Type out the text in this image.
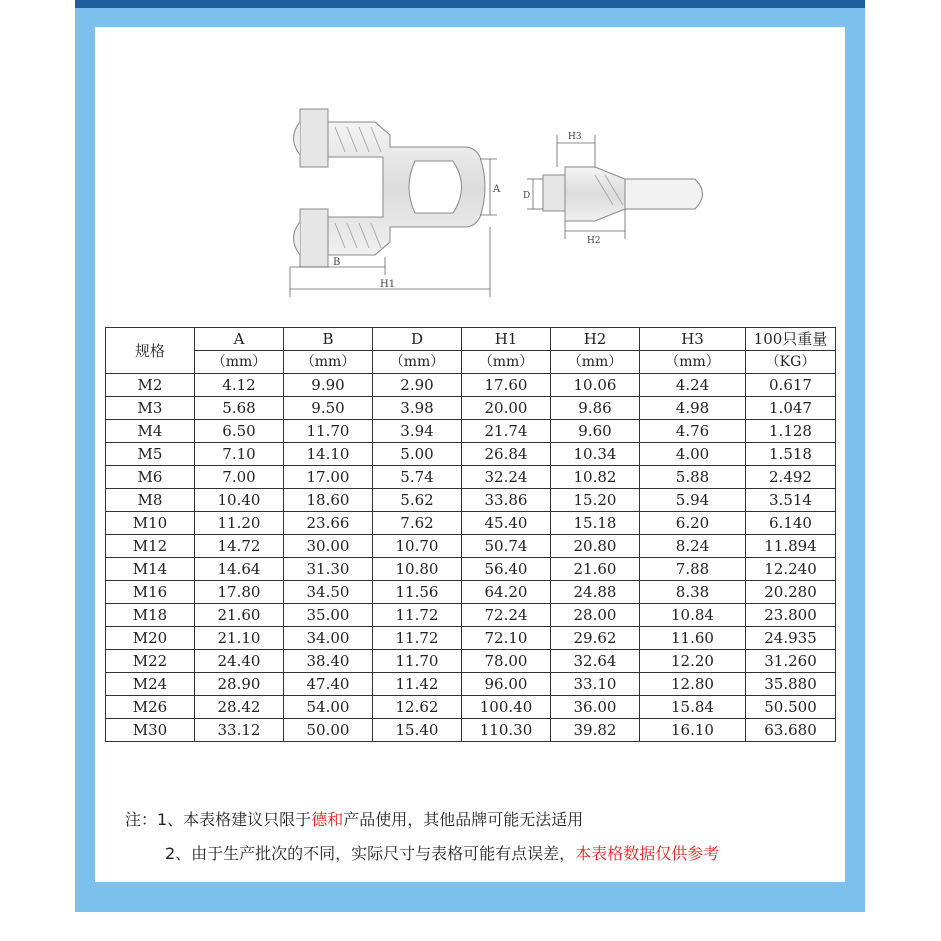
A
B
H1
H3
H2
D
规格	A	B	D	H1	H2	H3	100只重量
	（mm）	（mm）	（mm）	（mm）	（mm）	（mm）	（KG）
M2	4.12	9.90	2.90	17.60	10.06	4.24	0.617
M3	5.68	9.50	3.98	20.00	9.86	4.98	1.047
M4	6.50	11.70	3.94	21.74	9.60	4.76	1.128
M5	7.10	14.10	5.00	26.84	10.34	4.00	1.518
M6	7.00	17.00	5.74	32.24	10.82	5.88	2.492
M8	10.40	18.60	5.62	33.86	15.20	5.94	3.514
M10	11.20	23.66	7.62	45.40	15.18	6.20	6.140
M12	14.72	30.00	10.70	50.74	20.80	8.24	11.894
M14	14.64	31.30	10.80	56.40	21.60	7.88	12.240
M16	17.80	34.50	11.56	64.20	24.88	8.38	20.280
M18	21.60	35.00	11.72	72.24	28.00	10.84	23.800
M20	21.10	34.00	11.72	72.10	29.62	11.60	24.935
M22	24.40	38.40	11.70	78.00	32.64	12.20	31.260
M24	28.90	47.40	11.42	96.00	33.10	12.80	35.880
M26	28.42	54.00	12.62	100.40	36.00	15.84	50.500
M30	33.12	50.00	15.40	110.30	39.82	16.10	63.680
注：1、本表格建议只限于德和产品使用，其他品牌可能无法适用
2、由于生产批次的不同，实际尺寸与表格可能有点误差，本表格数据仅供参考
